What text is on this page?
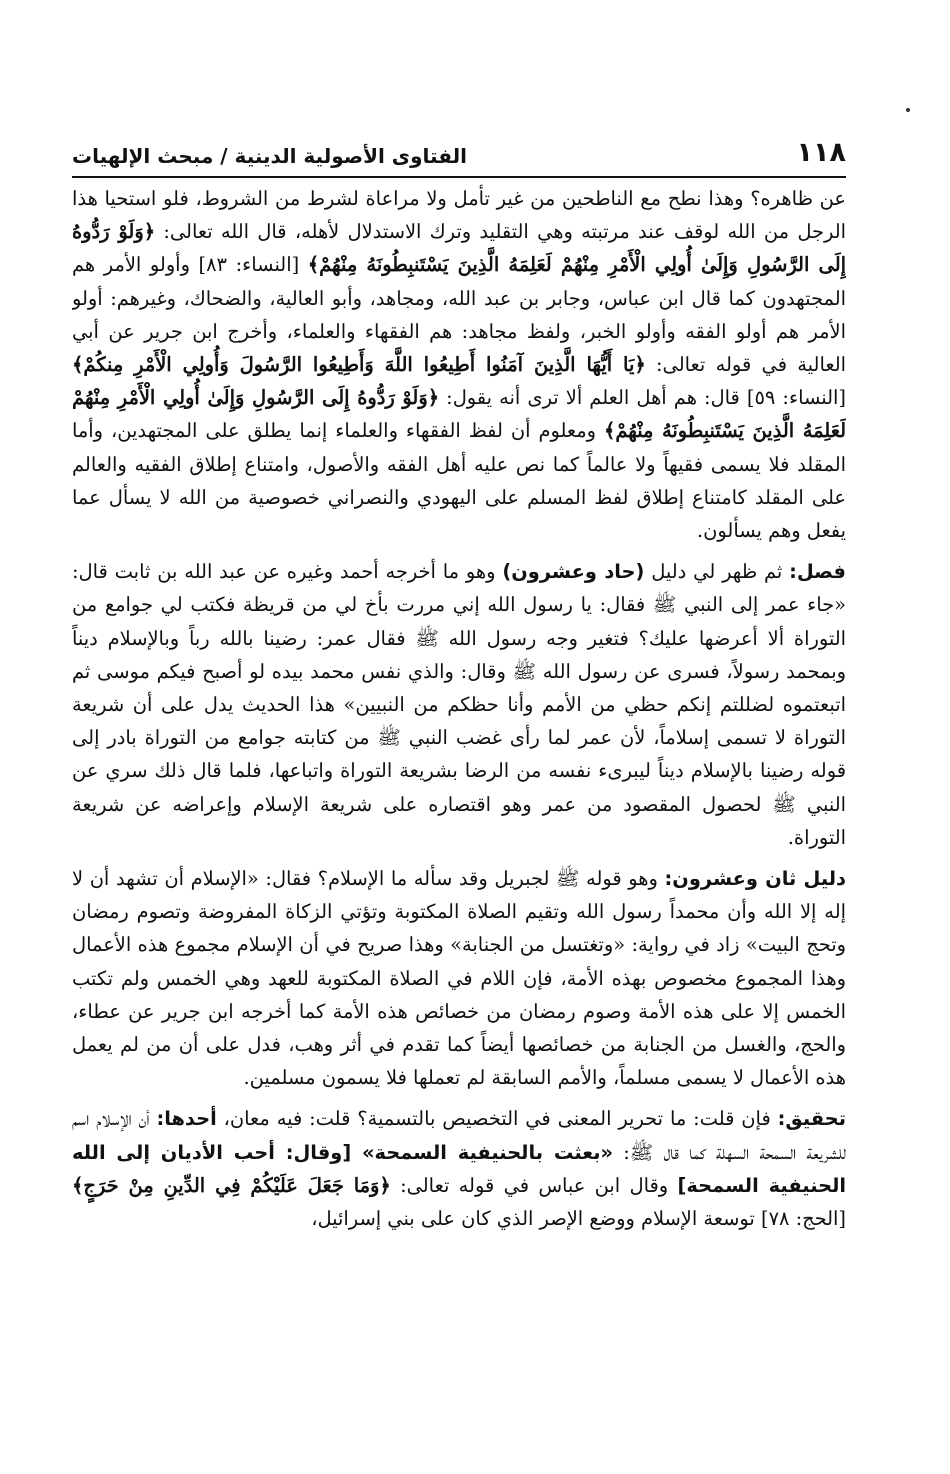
١١٨
الفتاوى الأصولية الدينية / مبحث الإلهيات

عن ظاهره؟ وهذا نطح مع الناطحين من غير تأمل ولا مراعاة لشرط من الشروط، فلو استحيا هذا الرجل من الله لوقف عند مرتبته وهي التقليد وترك الاستدلال لأهله، قال الله تعالى: ﴿وَلَوْ رَدُّوهُ إِلَى الرَّسُولِ وَإِلَىٰ أُولِي الْأَمْرِ مِنْهُمْ لَعَلِمَهُ الَّذِينَ يَسْتَنبِطُونَهُ مِنْهُمْ﴾ [النساء: ٨٣] وأولو الأمر هم المجتهدون كما قال ابن عباس، وجابر بن عبد الله، ومجاهد، وأبو العالية، والضحاك، وغيرهم: أولو الأمر هم أولو الفقه وأولو الخبر، ولفظ مجاهد: هم الفقهاء والعلماء، وأخرج ابن جرير عن أبي العالية في قوله تعالى: ﴿يَا أَيُّهَا الَّذِينَ آمَنُوا أَطِيعُوا اللَّهَ وَأَطِيعُوا الرَّسُولَ وَأُولِي الْأَمْرِ مِنكُمْ﴾ [النساء: ٥٩] قال: هم أهل العلم ألا ترى أنه يقول: ﴿وَلَوْ رَدُّوهُ إِلَى الرَّسُولِ وَإِلَىٰ أُولِي الْأَمْرِ مِنْهُمْ لَعَلِمَهُ الَّذِينَ يَسْتَنبِطُونَهُ مِنْهُمْ﴾ ومعلوم أن لفظ الفقهاء والعلماء إنما يطلق على المجتهدين، وأما المقلد فلا يسمى فقيهاً ولا عالماً كما نص عليه أهل الفقه والأصول، وامتناع إطلاق الفقيه والعالم على المقلد كامتناع إطلاق لفظ المسلم على اليهودي والنصراني خصوصية من الله لا يسأل عما يفعل وهم يسألون.

فصل: ثم ظهر لي دليل (حاد وعشرون) وهو ما أخرجه أحمد وغيره عن عبد الله بن ثابت قال: «جاء عمر إلى النبي ﷺ فقال: يا رسول الله إني مررت بأخ لي من قريظة فكتب لي جوامع من التوراة ألا أعرضها عليك؟ فتغير وجه رسول الله ﷺ فقال عمر: رضينا بالله رباً وبالإسلام ديناً وبمحمد رسولاً، فسرى عن رسول الله ﷺ وقال: والذي نفس محمد بيده لو أصبح فيكم موسى ثم اتبعتموه لضللتم إنكم حظي من الأمم وأنا حظكم من النبيين» هذا الحديث يدل على أن شريعة التوراة لا تسمى إسلاماً، لأن عمر لما رأى غضب النبي ﷺ من كتابته جوامع من التوراة بادر إلى قوله رضينا بالإسلام ديناً ليبرىء نفسه من الرضا بشريعة التوراة واتباعها، فلما قال ذلك سري عن النبي ﷺ لحصول المقصود من عمر وهو اقتصاره على شريعة الإسلام وإعراضه عن شريعة التوراة.

دليل ثان وعشرون: وهو قوله ﷺ لجبريل وقد سأله ما الإسلام؟ فقال: «الإسلام أن تشهد أن لا إله إلا الله وأن محمداً رسول الله وتقيم الصلاة المكتوبة وتؤتي الزكاة المفروضة وتصوم رمضان وتحج البيت» زاد في رواية: «وتغتسل من الجنابة» وهذا صريح في أن الإسلام مجموع هذه الأعمال وهذا المجموع مخصوص بهذه الأمة، فإن اللام في الصلاة المكتوبة للعهد وهي الخمس ولم تكتب الخمس إلا على هذه الأمة وصوم رمضان من خصائص هذه الأمة كما أخرجه ابن جرير عن عطاء، والحج، والغسل من الجنابة من خصائصها أيضاً كما تقدم في أثر وهب، فدل على أن من لم يعمل هذه الأعمال لا يسمى مسلماً، والأمم السابقة لم تعملها فلا يسمون مسلمين.

تحقيق: فإن قلت: ما تحرير المعنى في التخصيص بالتسمية؟ قلت: فيه معان، أحدها: أن الإسلام اسم للشريعة السمحة السهلة كما قال ﷺ: «بعثت بالحنيفية السمحة» [وقال: أحب الأديان إلى الله الحنيفية السمحة] وقال ابن عباس في قوله تعالى: ﴿وَمَا جَعَلَ عَلَيْكُمْ فِي الدِّينِ مِنْ حَرَجٍ﴾ [الحج: ٧٨] توسعة الإسلام ووضع الإصر الذي كان على بني إسرائيل،
